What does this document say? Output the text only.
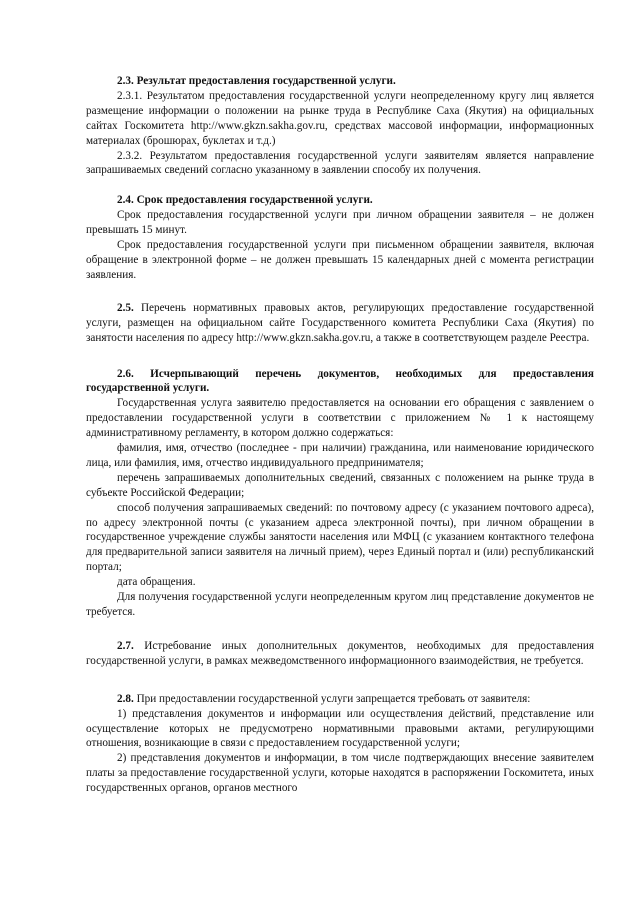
2.3. Результат предоставления государственной услуги.

2.3.1. Результатом предоставления государственной услуги неопределенному кругу лиц является размещение информации о положении на рынке труда в Республике Саха (Якутия) на официальных сайтах Госкомитета http://www.gkzn.sakha.gov.ru, средствах массовой информации, информационных материалах (брошюрах, буклетах и т.д.)

2.3.2. Результатом предоставления государственной услуги заявителям является направление запрашиваемых сведений согласно указанному в заявлении способу их получения.

2.4. Срок предоставления государственной услуги.

Срок предоставления государственной услуги при личном обращении заявителя – не должен превышать 15 минут.

Срок предоставления государственной услуги при письменном обращении заявителя, включая обращение в электронной форме – не должен превышать 15 календарных дней с момента регистрации заявления.

2.5. Перечень нормативных правовых актов, регулирующих предоставление государственной услуги, размещен на официальном сайте Государственного комитета Республики Саха (Якутия) по занятости населения по адресу http://www.gkzn.sakha.gov.ru, а также в соответствующем разделе Реестра.

2.6. Исчерпывающий перечень документов, необходимых для предоставления государственной услуги.

Государственная услуга заявителю предоставляется на основании его обращения с заявлением о предоставлении государственной услуги в соответствии с приложением № 1 к настоящему административному регламенту, в котором должно содержаться:

фамилия, имя, отчество (последнее - при наличии) гражданина, или наименование юридического лица, или фамилия, имя, отчество индивидуального предпринимателя;

перечень запрашиваемых дополнительных сведений, связанных с положением на рынке труда в субъекте Российской Федерации;

способ получения запрашиваемых сведений: по почтовому адресу (с указанием почтового адреса), по адресу электронной почты (с указанием адреса электронной почты), при личном обращении в государственное учреждение службы занятости населения или МФЦ (с указанием контактного телефона для предварительной записи заявителя на личный прием), через Единый портал и (или) республиканский портал;

дата обращения.

Для получения государственной услуги неопределенным кругом лиц представление документов не требуется.

2.7. Истребование иных дополнительных документов, необходимых для предоставления государственной услуги, в рамках межведомственного информационного взаимодействия, не требуется.

2.8. При предоставлении государственной услуги запрещается требовать от заявителя:

1) представления документов и информации или осуществления действий, представление или осуществление которых не предусмотрено нормативными правовыми актами, регулирующими отношения, возникающие в связи с предоставлением государственной услуги;

2) представления документов и информации, в том числе подтверждающих внесение заявителем платы за предоставление государственной услуги, которые находятся в распоряжении Госкомитета, иных государственных органов, органов местного
